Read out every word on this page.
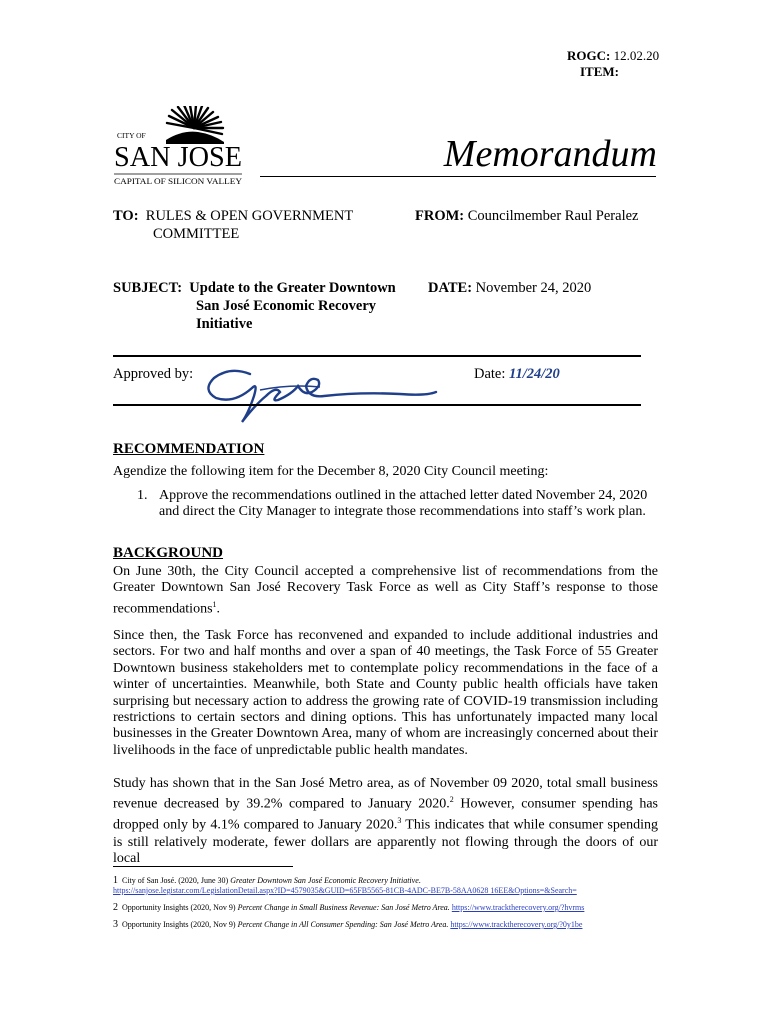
ROGC: 12.02.20
ITEM:
CITY OF
SAN JOSE
CAPITAL OF SILICON VALLEY
Memorandum
TO: RULES & OPEN GOVERNMENT
COMMITTEE
FROM: Councilmember Raul Peralez
SUBJECT: Update to the Greater Downtown
San José Economic Recovery
Initiative
DATE: November 24, 2020
Approved by:	Date: 11/24/20
RECOMMENDATION
Agendize the following item for the December 8, 2020 City Council meeting:
1. Approve the recommendations outlined in the attached letter dated November 24, 2020 and direct the City Manager to integrate those recommendations into staff’s work plan.
BACKGROUND
On June 30th, the City Council accepted a comprehensive list of recommendations from the Greater Downtown San José Recovery Task Force as well as City Staff’s response to those recommendations$^1$.
Since then, the Task Force has reconvened and expanded to include additional industries and sectors. For two and half months and over a span of 40 meetings, the Task Force of 55 Greater Downtown business stakeholders met to contemplate policy recommendations in the face of a winter of uncertainties. Meanwhile, both State and County public health officials have taken surprising but necessary action to address the growing rate of COVID-19 transmission including restrictions to certain sectors and dining options. This has unfortunately impacted many local businesses in the Greater Downtown Area, many of whom are increasingly concerned about their livelihoods in the face of unpredictable public health mandates.
Study has shown that in the San José Metro area, as of November 09 2020, total small business revenue decreased by 39.2% compared to January 2020.$^2$ However, consumer spending has dropped only by 4.1% compared to January 2020.$^3$ This indicates that while consumer spending is still relatively moderate, fewer dollars are apparently not flowing through the doors of our local
1 City of San José. (2020, June 30) Greater Downtown San José Economic Recovery Initiative.
https://sanjose.legistar.com/LegislationDetail.aspx?ID=4579035&GUID=65FB5565-81CB-4ADC-BE7B-58AA0628 16EE&Options=&Search=
2 Opportunity Insights (2020, Nov 9) Percent Change in Small Business Revenue: San José Metro Area. https://www.tracktherecovery.org/?hvrms
3 Opportunity Insights (2020, Nov 9) Percent Change in All Consumer Spending: San José Metro Area. https://www.tracktherecovery.org/?0y1be
